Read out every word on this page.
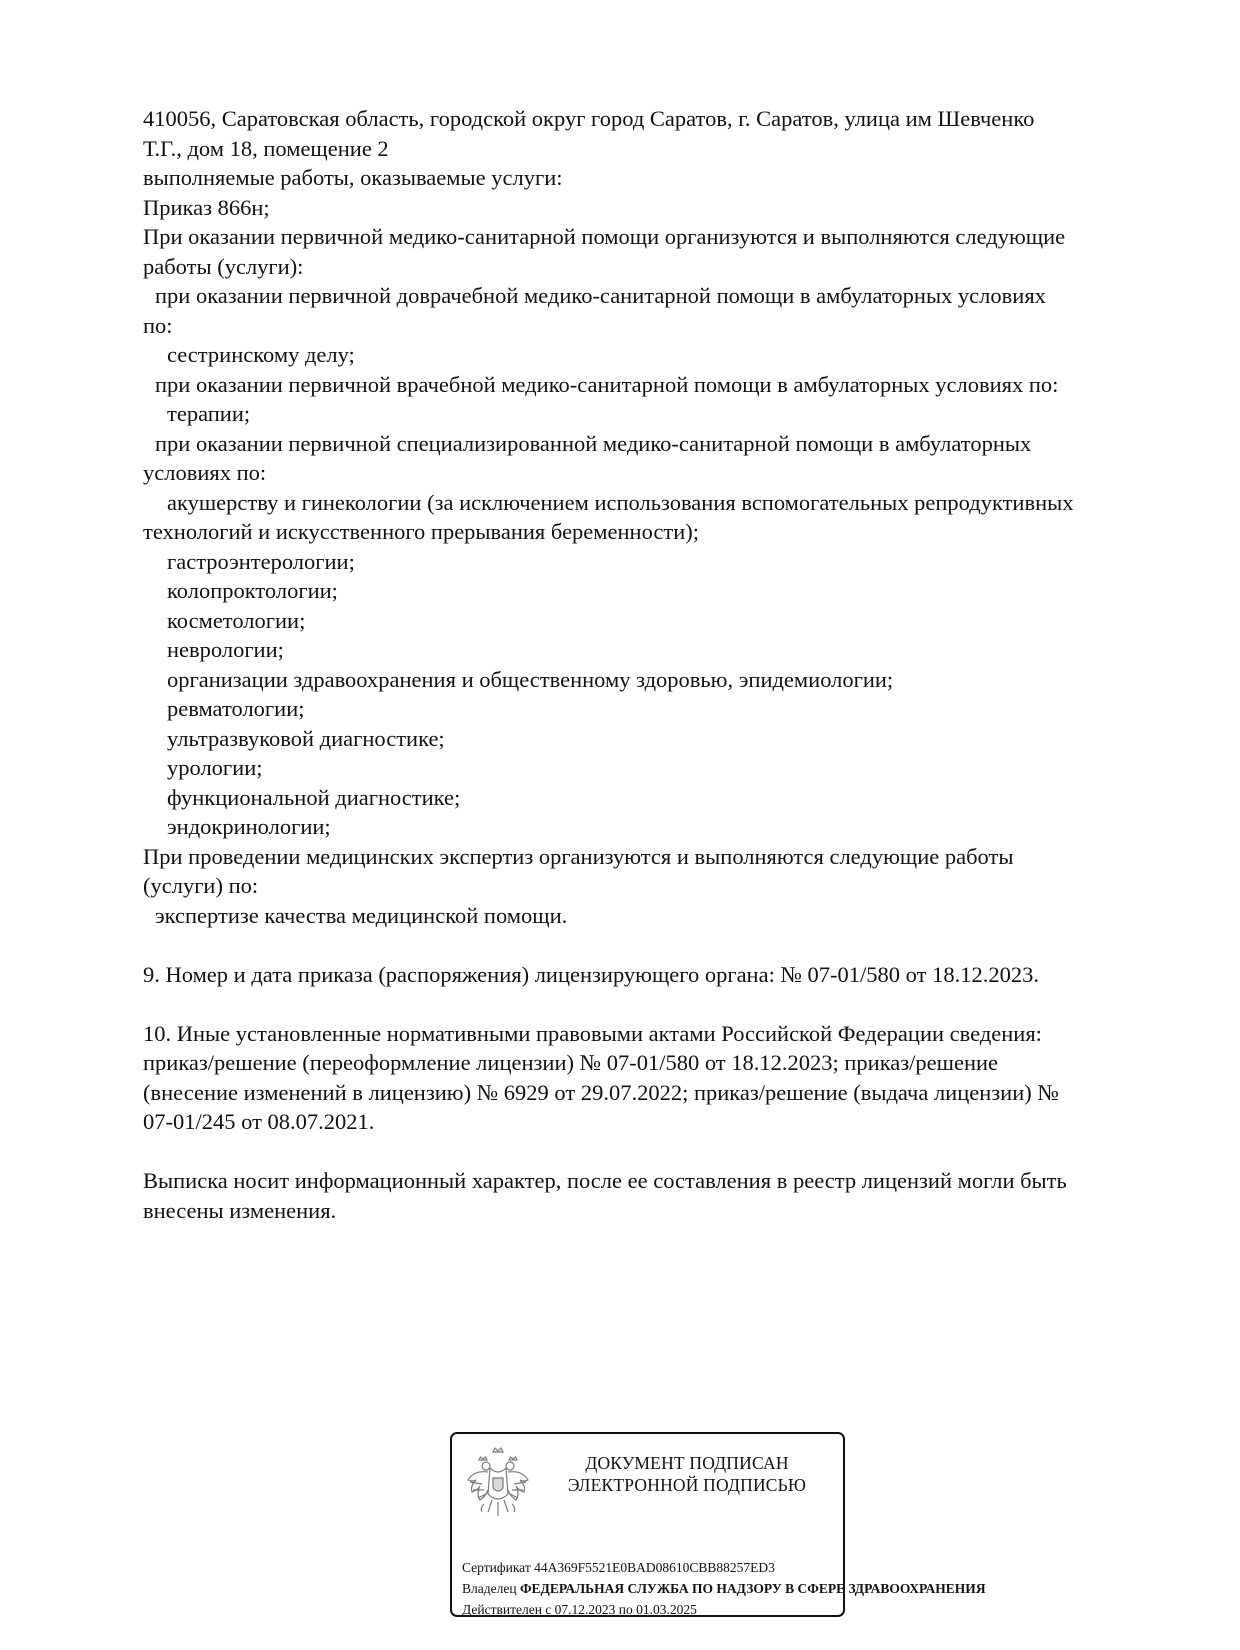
410056, Саратовская область, городской округ город Саратов, г. Саратов, улица им Шевченко
Т.Г., дом 18, помещение 2
выполняемые работы, оказываемые услуги:
Приказ 866н;
При оказании первичной медико-санитарной помощи организуются и выполняются следующие
работы (услуги):
при оказании первичной доврачебной медико-санитарной помощи в амбулаторных условиях
по:
сестринскому делу;
при оказании первичной врачебной медико-санитарной помощи в амбулаторных условиях по:
терапии;
при оказании первичной специализированной медико-санитарной помощи в амбулаторных
условиях по:
акушерству и гинекологии (за исключением использования вспомогательных репродуктивных
технологий и искусственного прерывания беременности);
гастроэнтерологии;
колопроктологии;
косметологии;
неврологии;
организации здравоохранения и общественному здоровью, эпидемиологии;
ревматологии;
ультразвуковой диагностике;
урологии;
функциональной диагностике;
эндокринологии;
При проведении медицинских экспертиз организуются и выполняются следующие работы
(услуги) по:
экспертизе качества медицинской помощи.
9. Номер и дата приказа (распоряжения) лицензирующего органа: № 07-01/580 от 18.12.2023.
10. Иные установленные нормативными правовыми актами Российской Федерации сведения:
приказ/решение (переоформление лицензии) № 07-01/580 от 18.12.2023; приказ/решение
(внесение изменений в лицензию) № 6929 от 29.07.2022; приказ/решение (выдача лицензии) №
07-01/245 от 08.07.2021.
Выписка носит информационный характер, после ее составления в реестр лицензий могли быть
внесены изменения.
ДОКУМЕНТ ПОДПИСАН
ЭЛЕКТРОННОЙ ПОДПИСЬЮ
Сертификат 44A369F5521E0BAD08610CBB88257ED3
Владелец ФЕДЕРАЛЬНАЯ СЛУЖБА ПО НАДЗОРУ В СФЕРЕ ЗДРАВООХРАНЕНИЯ
Действителен с 07.12.2023 по 01.03.2025
